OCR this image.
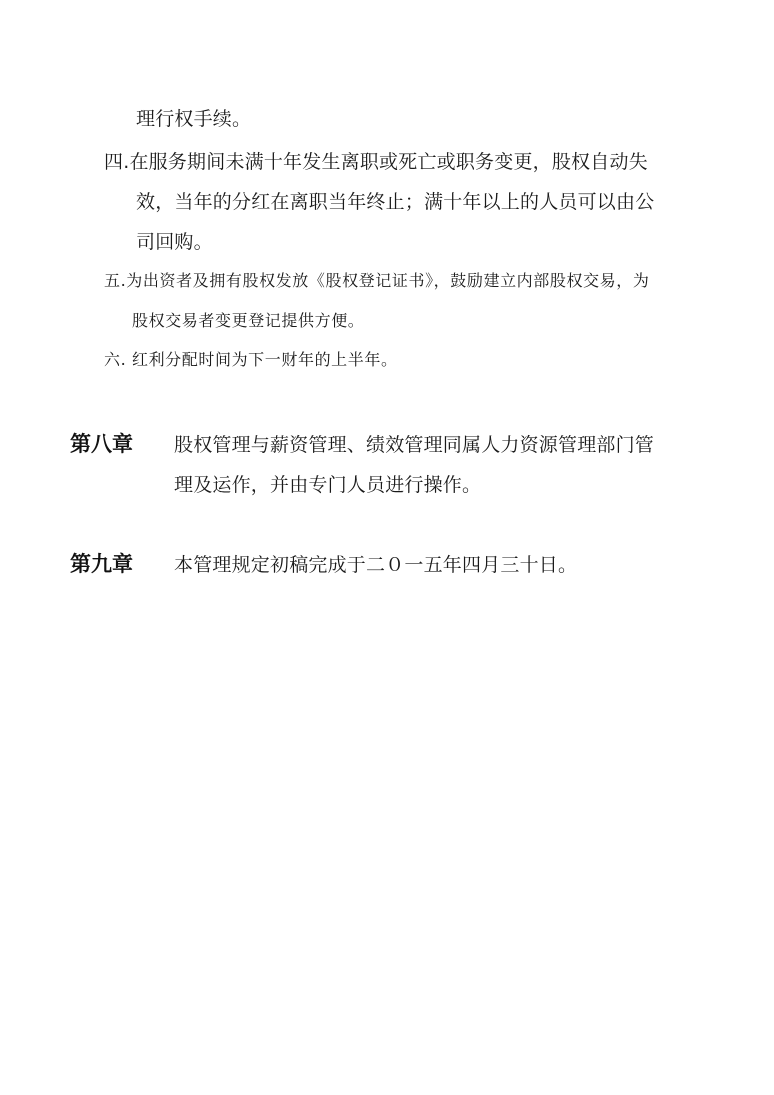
理行权手续。

四.在服务期间未满十年发生离职或死亡或职务变更，股权自动失

效，当年的分红在离职当年终止；满十年以上的人员可以由公

司回购。

五.为出资者及拥有股权发放《股权登记证书》，鼓励建立内部股权交易，为

股权交易者变更登记提供方便。

六. 红利分配时间为下一财年的上半年。

第八章 股权管理与薪资管理、绩效管理同属人力资源管理部门管

理及运作，并由专门人员进行操作。

第九章 本管理规定初稿完成于二０一五年四月三十日。
